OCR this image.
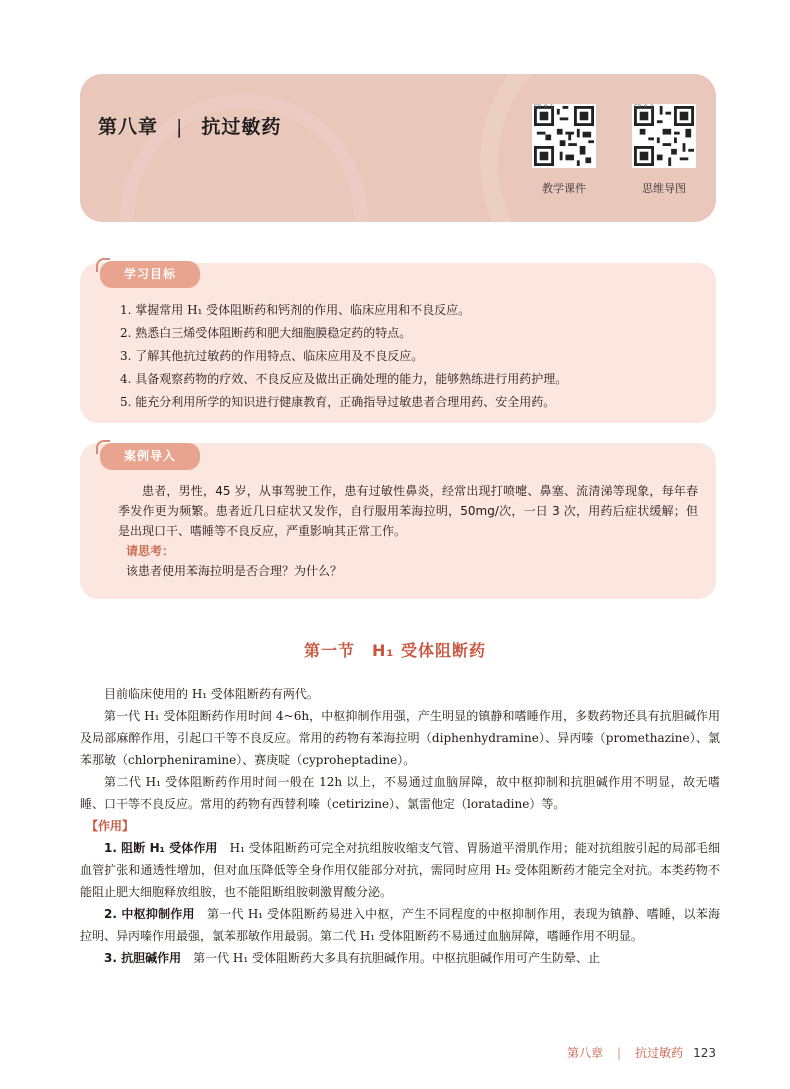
第八章 | 抗过敏药
ER 8-1
教学课件
ER 8-2
思维导图
学习目标
1. 掌握常用 H₁ 受体阻断药和钙剂的作用、临床应用和不良反应。
2. 熟悉白三烯受体阻断药和肥大细胞膜稳定药的特点。
3. 了解其他抗过敏药的作用特点、临床应用及不良反应。
4. 具备观察药物的疗效、不良反应及做出正确处理的能力，能够熟练进行用药护理。
5. 能充分利用所学的知识进行健康教育，正确指导过敏患者合理用药、安全用药。
案例导入

患者，男性，45 岁，从事驾驶工作，患有过敏性鼻炎，经常出现打喷嚏、鼻塞、流清涕等现象，每年春季发作更为频繁。患者近几日症状又发作，自行服用苯海拉明，50mg/次，一日 3 次，用药后症状缓解；但是出现口干、嗜睡等不良反应，严重影响其正常工作。

请思考：
该患者使用苯海拉明是否合理？为什么？
第一节　H₁ 受体阻断药

目前临床使用的 H₁ 受体阻断药有两代。

第一代 H₁ 受体阻断药作用时间 4~6h，中枢抑制作用强，产生明显的镇静和嗜睡作用，多数药物还具有抗胆碱作用及局部麻醉作用，引起口干等不良反应。常用的药物有苯海拉明（diphenhydramine）、异丙嗪（promethazine）、氯苯那敏（chlorpheniramine）、赛庚啶（cyproheptadine）。

第二代 H₁ 受体阻断药作用时间一般在 12h 以上，不易通过血脑屏障，故中枢抑制和抗胆碱作用不明显，故无嗜睡、口干等不良反应。常用的药物有西替利嗪（cetirizine）、氯雷他定（loratadine）等。

【作用】

1. 阻断 H₁ 受体作用　 H₁ 受体阻断药可完全对抗组胺收缩支气管、胃肠道平滑肌作用；能对抗组胺引起的局部毛细血管扩张和通透性增加，但对血压降低等全身作用仅能部分对抗，需同时应用 H₂ 受体阻断药才能完全对抗。本类药物不能阻止肥大细胞释放组胺，也不能阻断组胺刺激胃酸分泌。

2. 中枢抑制作用　 第一代 H₁ 受体阻断药易进入中枢，产生不同程度的中枢抑制作用，表现为镇静、嗜睡，以苯海拉明、异丙嗪作用最强，氯苯那敏作用最弱。第二代 H₁ 受体阻断药不易通过血脑屏障，嗜睡作用不明显。

3. 抗胆碱作用　 第一代 H₁ 受体阻断药大多具有抗胆碱作用。中枢抗胆碱作用可产生防晕、止

第八章 | 抗过敏药 123
